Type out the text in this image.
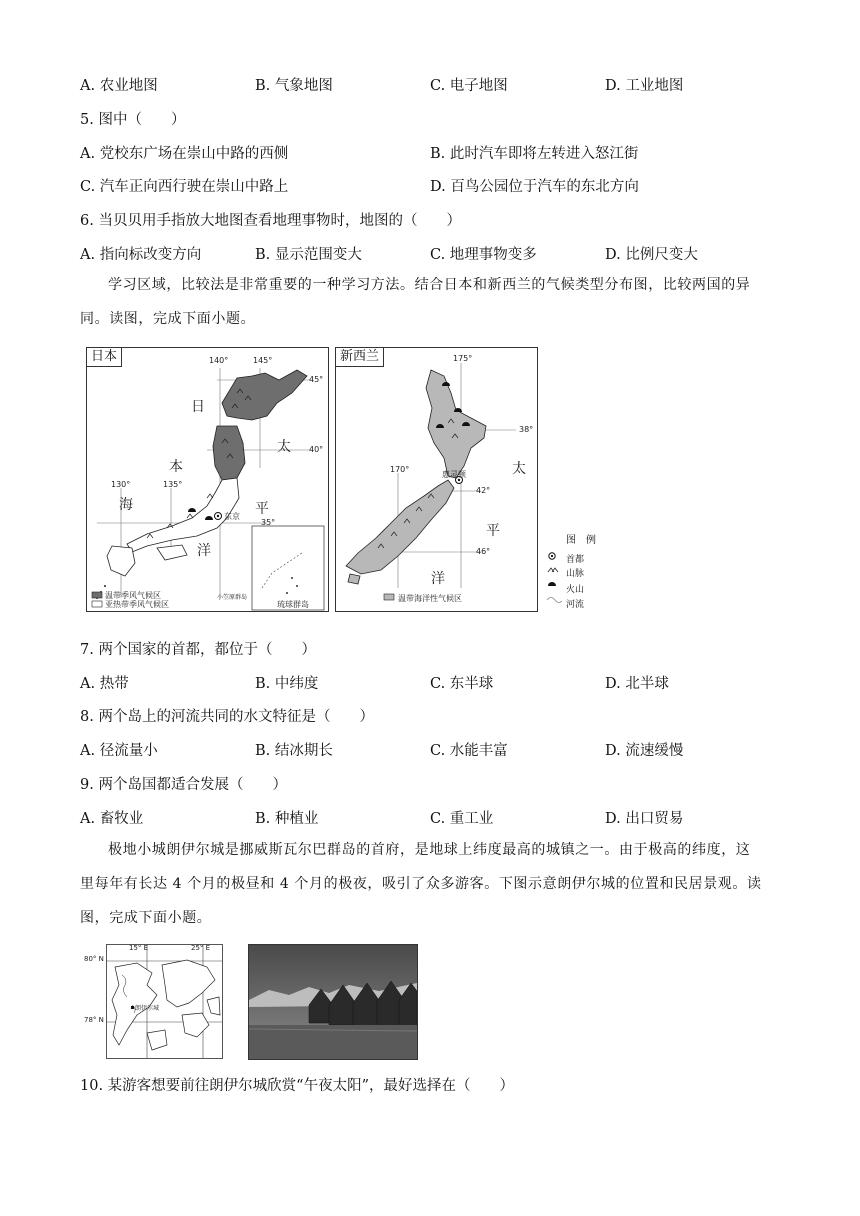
A. 农业地图	B. 气象地图	C. 电子地图	D. 工业地图
5. 图中（　　）
A. 党校东广场在崇山中路的西侧	B. 此时汽车即将左转进入怒江街
C. 汽车正向西行驶在崇山中路上	D. 百鸟公园位于汽车的东北方向
6. 当贝贝用手指放大地图查看地理事物时，地图的（　　）
A. 指向标改变方向	B. 显示范围变大	C. 地理事物变多	D. 比例尺变大
学习区域，比较法是非常重要的一种学习方法。结合日本和新西兰的气候类型分布图，比较两国的异
同。读图，完成下面小题。
日本	140°	145°
130°	135°
45°
40°
35°
日
本
海
太
平
洋
东京
小笠原群岛
琉球群岛
温带季风气候区
亚热带季风气候区
新西兰	175°
170°
38°
42°
46°
惠灵顿	太
平
洋
温带海洋性气候区
图　例
首都
山脉
火山
河流
7. 两个国家的首都，都位于（　　）
A. 热带	B. 中纬度	C. 东半球	D. 北半球
8. 两个岛上的河流共同的水文特征是（　　）
A. 径流量小	B. 结冰期长	C. 水能丰富	D. 流速缓慢
9. 两个岛国都适合发展（　　）
A. 畜牧业	B. 种植业	C. 重工业	D. 出口贸易
极地小城朗伊尔城是挪威斯瓦尔巴群岛的首府，是地球上纬度最高的城镇之一。由于极高的纬度，这
里每年有长达 4 个月的极昼和 4 个月的极夜，吸引了众多游客。下图示意朗伊尔城的位置和民居景观。读
图，完成下面小题。
15° E	25° E
朗伊尔城
80° N
78° N
10. 某游客想要前往朗伊尔城欣赏“午夜太阳”，最好选择在（　　）
